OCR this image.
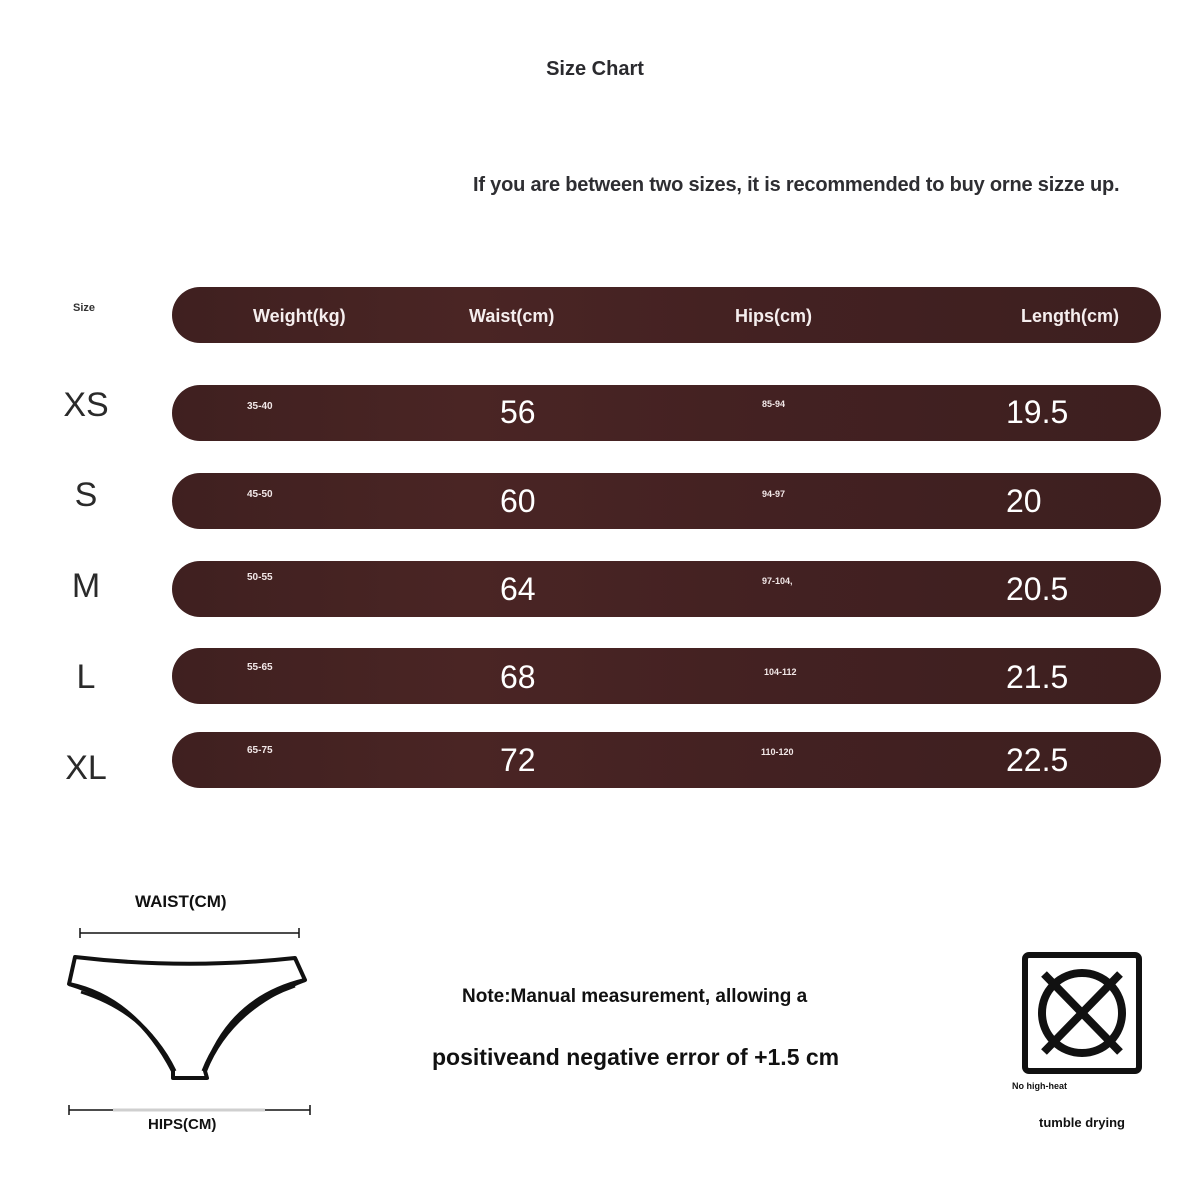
Size Chart
If you are between two sizes, it is recommended to buy orne sizze up.
Size	Weight(kg)	Waist(cm)	Hips(cm)	Length(cm)
XS	35-40	56	85-94	19.5
S	45-50	60	94-97	20
M	50-55	64	97-104,	20.5
L	55-65	68	104-112	21.5
XL	65-75	72	110-120	22.5
WAIST(CM)
HIPS(CM)
Note:Manual measurement, allowing a
positiveand negative error of +1.5 cm
No high-heat
tumble drying
